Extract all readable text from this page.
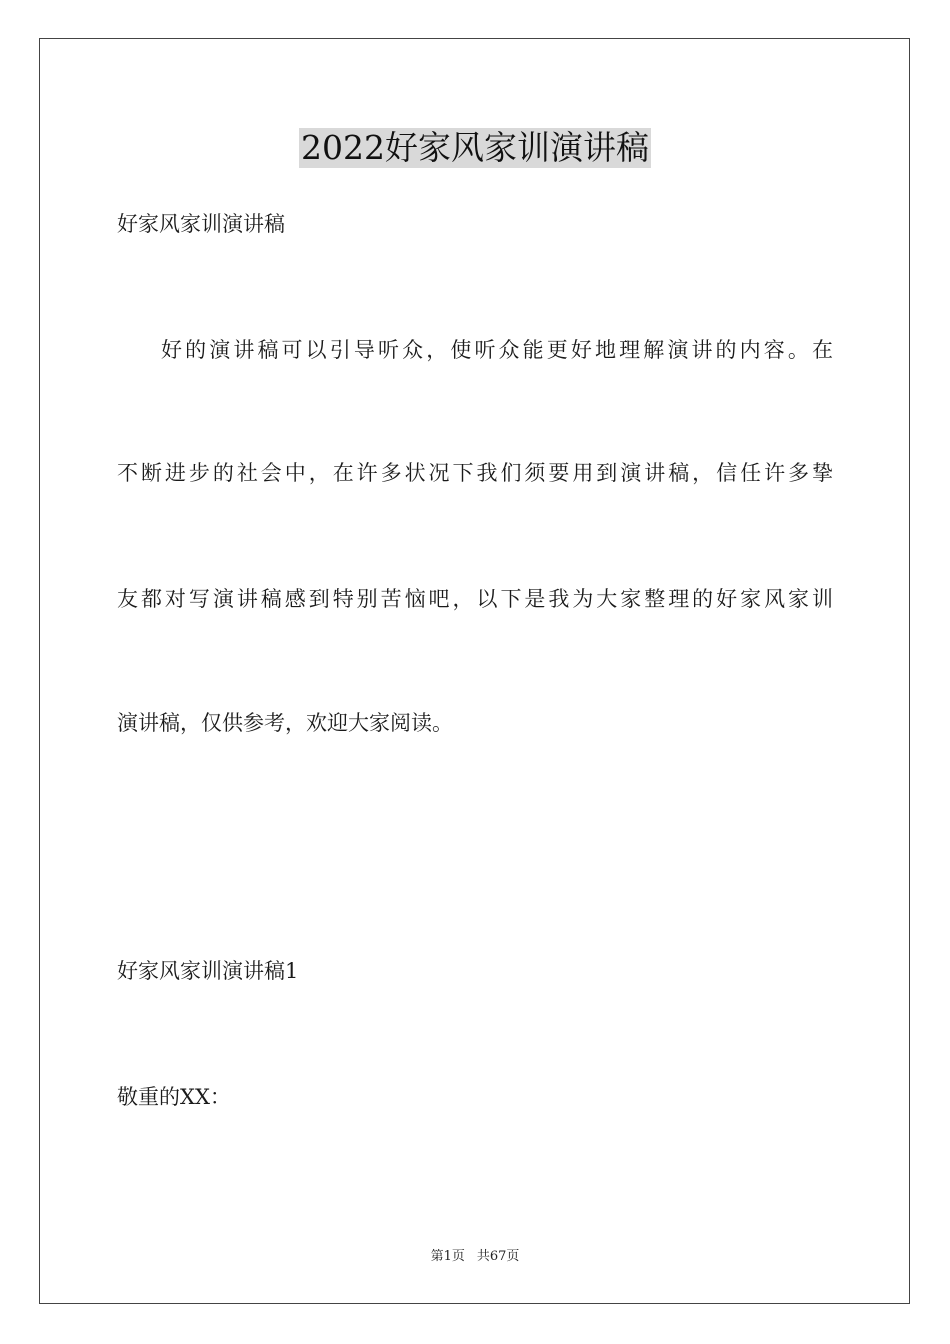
2022好家风家训演讲稿
好家风家训演讲稿
好的演讲稿可以引导听众，使听众能更好地理解演讲的内容。在
不断进步的社会中，在许多状况下我们须要用到演讲稿，信任许多挚
友都对写演讲稿感到特别苦恼吧，以下是我为大家整理的好家风家训
演讲稿，仅供参考，欢迎大家阅读。
好家风家训演讲稿1
敬重的XX：
第1页 共67页
